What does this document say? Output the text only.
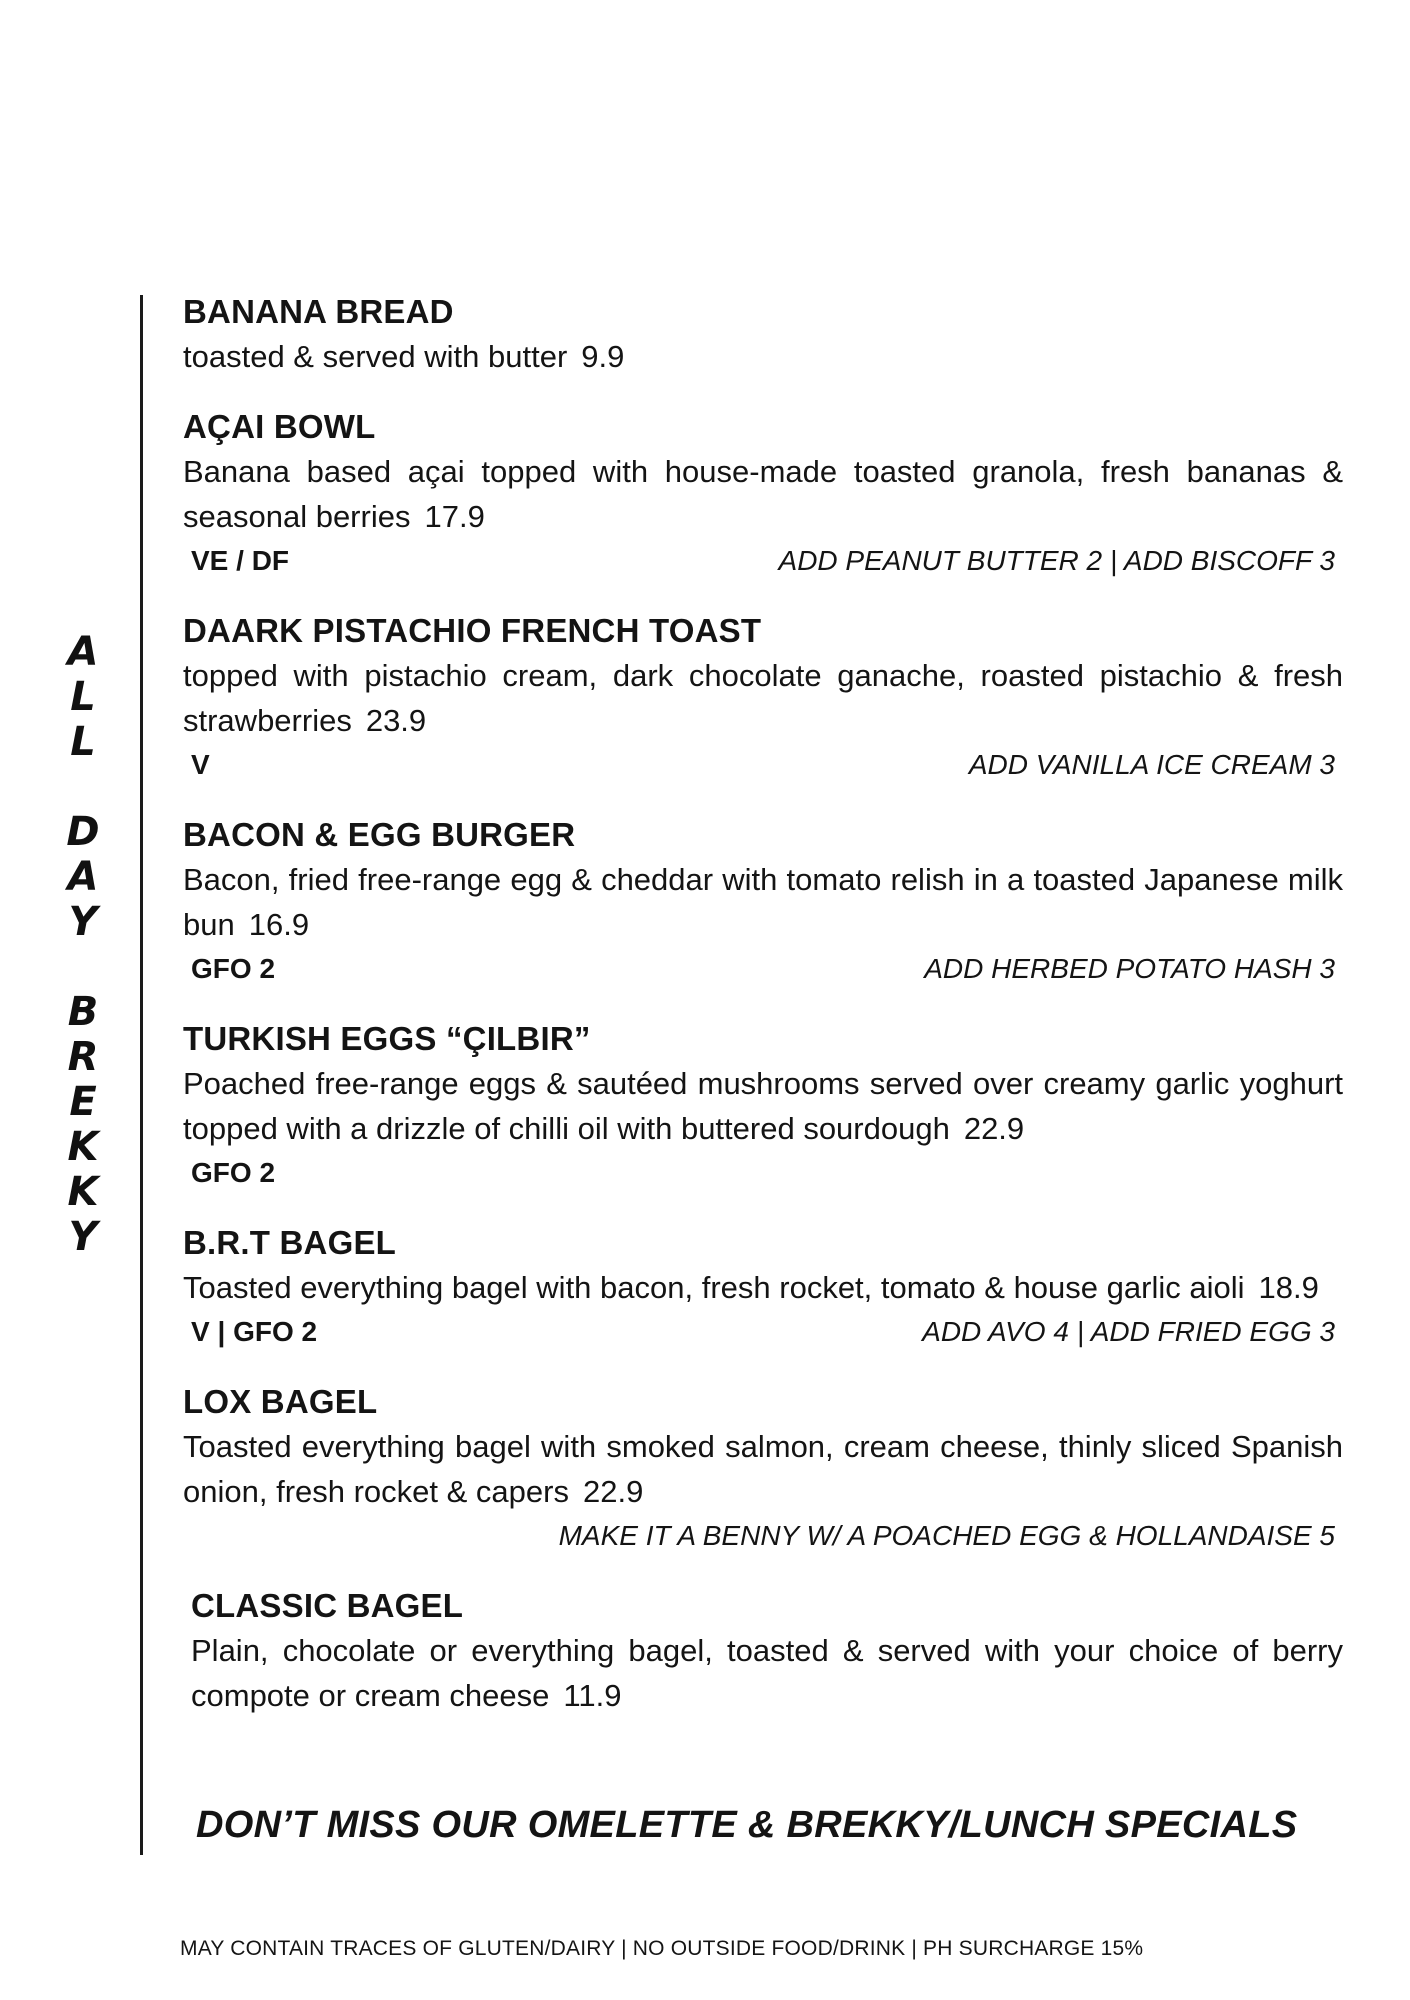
A
L
L
D
A
Y
B
R
E
K
K
Y
BANANA BREAD
toasted & served with butter 9.9
AÇAI BOWL
Banana based açai topped with house-made toasted granola, fresh bananas & seasonal berries 17.9
VE / DF	ADD PEANUT BUTTER 2 | ADD BISCOFF 3
DAARK PISTACHIO FRENCH TOAST
topped with pistachio cream, dark chocolate ganache, roasted pistachio & fresh strawberries 23.9
V	ADD VANILLA ICE CREAM 3
BACON & EGG BURGER
Bacon, fried free-range egg & cheddar with tomato relish in a toasted Japanese milk bun 16.9
GFO 2	ADD HERBED POTATO HASH 3
TURKISH EGGS “ÇILBIR”
Poached free-range eggs & sautéed mushrooms served over creamy garlic yoghurt topped with a drizzle of chilli oil with buttered sourdough 22.9
GFO 2
B.R.T BAGEL
Toasted everything bagel with bacon, fresh rocket, tomato & house garlic aioli 18.9
V | GFO 2	ADD AVO 4 | ADD FRIED EGG 3
LOX BAGEL
Toasted everything bagel with smoked salmon, cream cheese, thinly sliced Spanish onion, fresh rocket & capers 22.9
MAKE IT A BENNY W/ A POACHED EGG & HOLLANDAISE 5
CLASSIC BAGEL
Plain, chocolate or everything bagel, toasted & served with your choice of berry compote or cream cheese 11.9
DON’T MISS OUR OMELETTE & BREKKY/LUNCH SPECIALS
MAY CONTAIN TRACES OF GLUTEN/DAIRY | NO OUTSIDE FOOD/DRINK | PH SURCHARGE 15%
